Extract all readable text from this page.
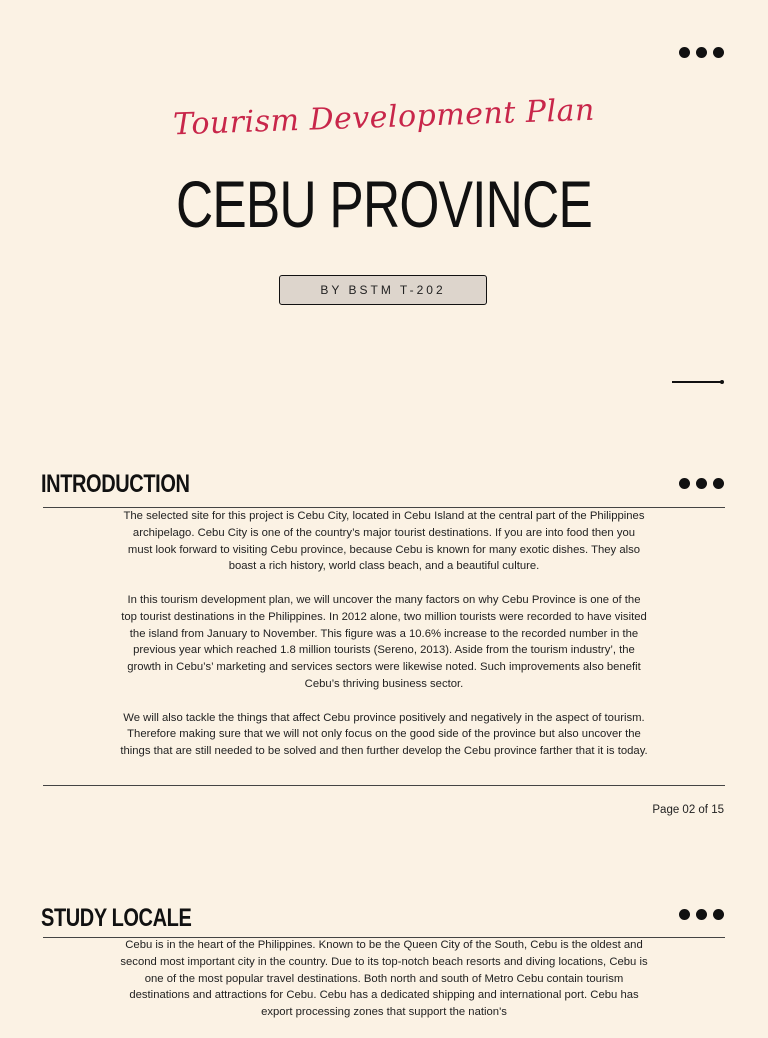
Tourism Development Plan
CEBU PROVINCE
BY BSTM T-202
INTRODUCTION

The selected site for this project is Cebu City, located in Cebu Island at the central part of the Philippines archipelago. Cebu City is one of the country’s major tourist destinations. If you are into food then you must look forward to visiting Cebu province, because Cebu is known for many exotic dishes. They also boast a rich history, world class beach, and a beautiful culture.

In this tourism development plan, we will uncover the many factors on why Cebu Province is one of the top tourist destinations in the Philippines. In 2012 alone, two million tourists were recorded to have visited the island from January to November. This figure was a 10.6% increase to the recorded number in the previous year which reached 1.8 million tourists (Sereno, 2013). Aside from the tourism industry’, the growth in Cebu’s’ marketing and services sectors were likewise noted. Such improvements also benefit Cebu’s thriving business sector.

We will also tackle the things that affect Cebu province positively and negatively in the aspect of tourism. Therefore making sure that we will not only focus on the good side of the province but also uncover the things that are still needed to be solved and then further develop the Cebu province farther that it is today.

Page 02 of 15
STUDY LOCALE

Cebu is in the heart of the Philippines. Known to be the Queen City of the South, Cebu is the oldest and second most important city in the country. Due to its top-notch beach resorts and diving locations, Cebu is one of the most popular travel destinations. Both north and south of Metro Cebu contain tourism destinations and attractions for Cebu. Cebu has a dedicated shipping and international port. Cebu has export processing zones that support the nation's
